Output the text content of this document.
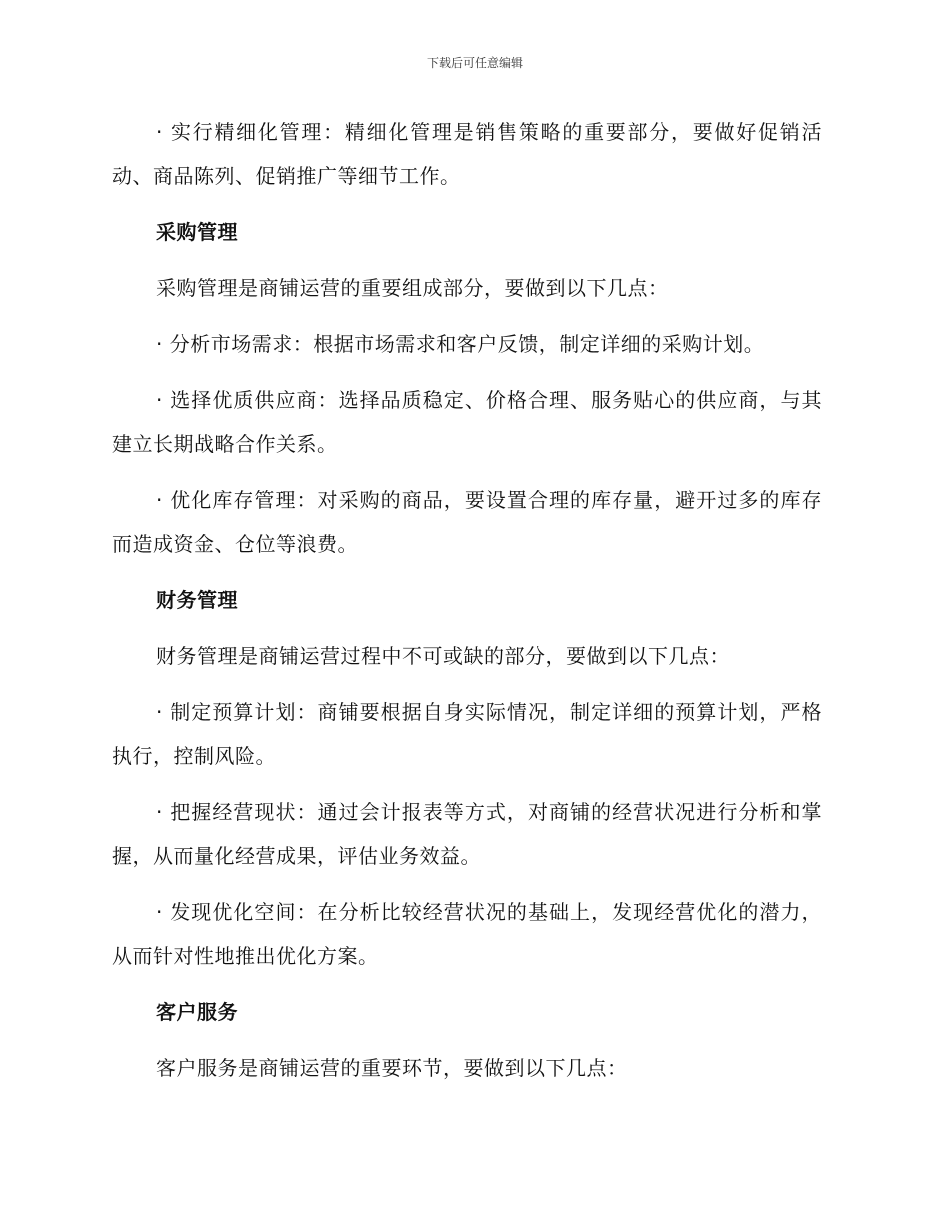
下载后可任意编辑

· 实行精细化管理：精细化管理是销售策略的重要部分，要做好促销活动、商品陈列、促销推广等细节工作。

采购管理

采购管理是商铺运营的重要组成部分，要做到以下几点：

· 分析市场需求：根据市场需求和客户反馈，制定详细的采购计划。

· 选择优质供应商：选择品质稳定、价格合理、服务贴心的供应商，与其建立长期战略合作关系。

· 优化库存管理：对采购的商品，要设置合理的库存量，避开过多的库存而造成资金、仓位等浪费。

财务管理

财务管理是商铺运营过程中不可或缺的部分，要做到以下几点：

· 制定预算计划：商铺要根据自身实际情况，制定详细的预算计划，严格执行，控制风险。

· 把握经营现状：通过会计报表等方式，对商铺的经营状况进行分析和掌握，从而量化经营成果，评估业务效益。

· 发现优化空间：在分析比较经营状况的基础上，发现经营优化的潜力，从而针对性地推出优化方案。

客户服务

客户服务是商铺运营的重要环节，要做到以下几点：
